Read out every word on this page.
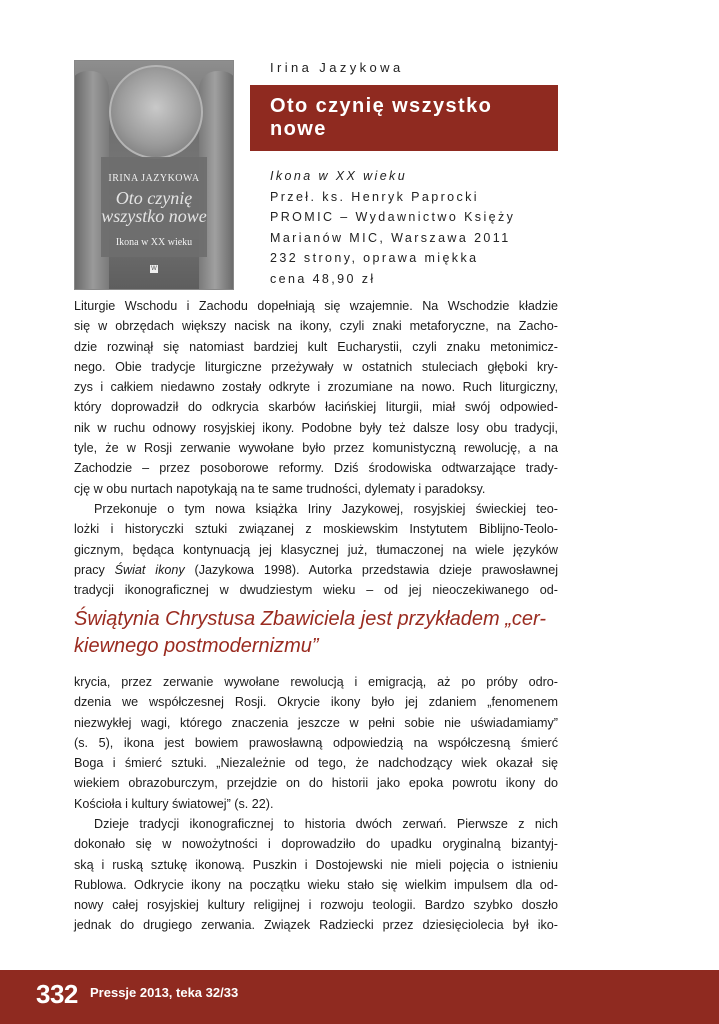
IRINA JAZYKOWA
Oto czynię
wszystko nowe
Ikona w XX wieku
W
Irina Jazykowa
Oto czynię wszystko
nowe
Ikona w XX wieku
Przeł. ks. Henryk Paprocki
PROMIC – Wydawnictwo Księży
Marianów MIC, Warszawa 2011
232 strony, oprawa miękka
cena 48,90 zł
Liturgie Wschodu i Zachodu dopełniają się wzajemnie. Na Wschodzie kładzie
się w obrzędach większy nacisk na ikony, czyli znaki metaforyczne, na Zacho-
dzie rozwinął się natomiast bardziej kult Eucharystii, czyli znaku metonimicz-
nego. Obie tradycje liturgiczne przeżywały w ostatnich stuleciach głęboki kry-
zys i całkiem niedawno zostały odkryte i zrozumiane na nowo. Ruch liturgiczny,
który doprowadził do odkrycia skarbów łacińskiej liturgii, miał swój odpowied-
nik w ruchu odnowy rosyjskiej ikony. Podobne były też dalsze losy obu tradycji,
tyle, że w Rosji zerwanie wywołane było przez komunistyczną rewolucję, a na
Zachodzie – przez posoborowe reformy. Dziś środowiska odtwarzające trady-
cję w obu nurtach napotykają na te same trudności, dylematy i paradoksy.
Przekonuje o tym nowa książka Iriny Jazykowej, rosyjskiej świeckiej teo-
lożki i historyczki sztuki związanej z moskiewskim Instytutem Biblijno-Teolo-
gicznym, będąca kontynuacją jej klasycznej już, tłumaczonej na wiele języków
pracy Świat ikony (Jazykowa 1998). Autorka przedstawia dzieje prawosławnej
tradycji ikonograficznej w dwudziestym wieku – od jej nieoczekiwanego od-
Świątynia Chrystusa Zbawiciela jest przykładem „cer-
kiewnego postmodernizmu”
krycia, przez zerwanie wywołane rewolucją i emigracją, aż po próby odro-
dzenia we współczesnej Rosji. Okrycie ikony było jej zdaniem „fenomenem
niezwykłej wagi, którego znaczenia jeszcze w pełni sobie nie uświadamiamy”
(s. 5), ikona jest bowiem prawosławną odpowiedzią na współczesną śmierć
Boga i śmierć sztuki. „Niezależnie od tego, że nadchodzący wiek okazał się
wiekiem obrazoburczym, przejdzie on do historii jako epoka powrotu ikony do
Kościoła i kultury światowej” (s. 22).
Dzieje tradycji ikonograficznej to historia dwóch zerwań. Pierwsze z nich
dokonało się w nowożytności i doprowadziło do upadku oryginalną bizantyj-
ską i ruską sztukę ikonową. Puszkin i Dostojewski nie mieli pojęcia o istnieniu
Rublowa. Odkrycie ikony na początku wieku stało się wielkim impulsem dla od-
nowy całej rosyjskiej kultury religijnej i rozwoju teologii. Bardzo szybko doszło
jednak do drugiego zerwania. Związek Radziecki przez dziesięciolecia był iko-
332 Pressje 2013, teka 32/33
